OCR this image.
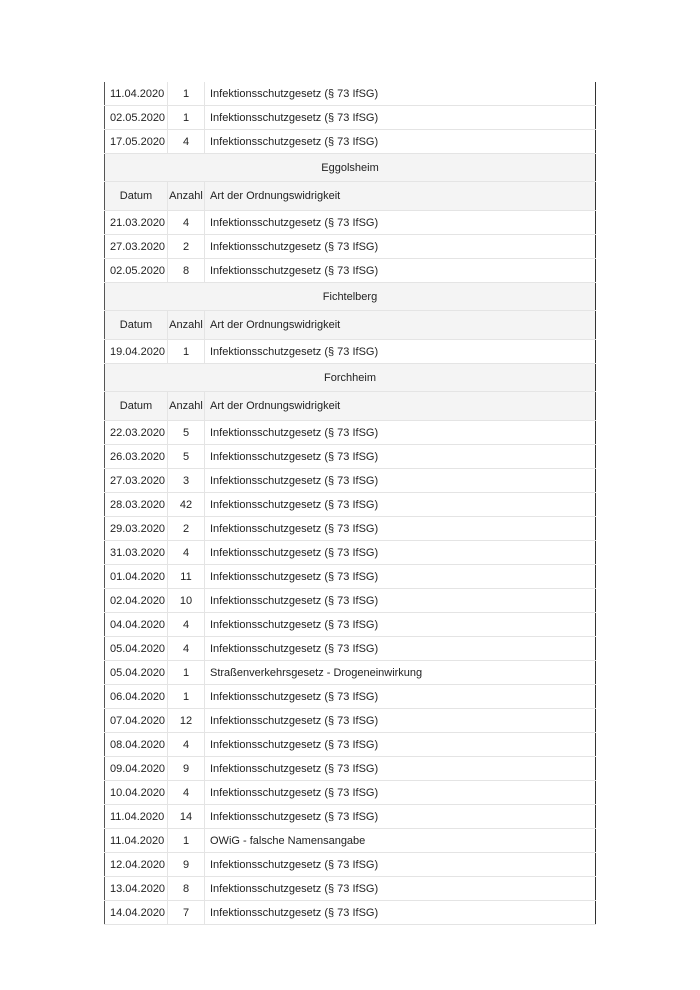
11.04.2020	1	Infektionsschutzgesetz (§ 73 IfSG)
02.05.2020	1	Infektionsschutzgesetz (§ 73 IfSG)
17.05.2020	4	Infektionsschutzgesetz (§ 73 IfSG)
Eggolsheim		
Datum	Anzahl	Art der Ordnungswidrigkeit
21.03.2020	4	Infektionsschutzgesetz (§ 73 IfSG)
27.03.2020	2	Infektionsschutzgesetz (§ 73 IfSG)
02.05.2020	8	Infektionsschutzgesetz (§ 73 IfSG)
Fichtelberg		
Datum	Anzahl	Art der Ordnungswidrigkeit
19.04.2020	1	Infektionsschutzgesetz (§ 73 IfSG)
Forchheim		
Datum	Anzahl	Art der Ordnungswidrigkeit
22.03.2020	5	Infektionsschutzgesetz (§ 73 IfSG)
26.03.2020	5	Infektionsschutzgesetz (§ 73 IfSG)
27.03.2020	3	Infektionsschutzgesetz (§ 73 IfSG)
28.03.2020	42	Infektionsschutzgesetz (§ 73 IfSG)
29.03.2020	2	Infektionsschutzgesetz (§ 73 IfSG)
31.03.2020	4	Infektionsschutzgesetz (§ 73 IfSG)
01.04.2020	11	Infektionsschutzgesetz (§ 73 IfSG)
02.04.2020	10	Infektionsschutzgesetz (§ 73 IfSG)
04.04.2020	4	Infektionsschutzgesetz (§ 73 IfSG)
05.04.2020	4	Infektionsschutzgesetz (§ 73 IfSG)
05.04.2020	1	Straßenverkehrsgesetz - Drogeneinwirkung
06.04.2020	1	Infektionsschutzgesetz (§ 73 IfSG)
07.04.2020	12	Infektionsschutzgesetz (§ 73 IfSG)
08.04.2020	4	Infektionsschutzgesetz (§ 73 IfSG)
09.04.2020	9	Infektionsschutzgesetz (§ 73 IfSG)
10.04.2020	4	Infektionsschutzgesetz (§ 73 IfSG)
11.04.2020	14	Infektionsschutzgesetz (§ 73 IfSG)
11.04.2020	1	OWiG - falsche Namensangabe
12.04.2020	9	Infektionsschutzgesetz (§ 73 IfSG)
13.04.2020	8	Infektionsschutzgesetz (§ 73 IfSG)
14.04.2020	7	Infektionsschutzgesetz (§ 73 IfSG)
